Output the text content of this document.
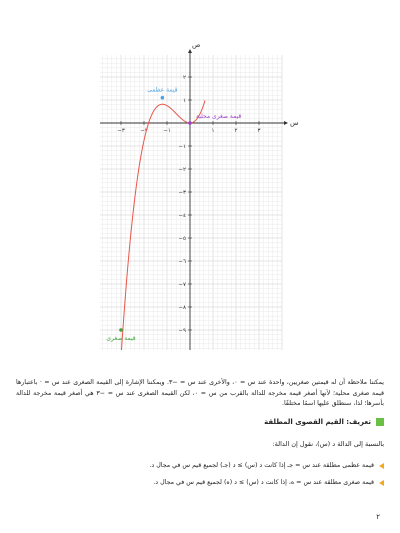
س
ص
−٣	−٢	−١	١	٢	٣
٢
١
−١
−٢
−٣
−٤
−٥
−٦
−٧
−٨
−٩
قيمة عظمى
قيمة صغرى محلية
قيمة صغرى

يمكننا ملاحظة أن له قيمتين صغريين، واحدة عند س = ٠، والأخرى عند س = −٣. ويمكننا الإشارة إلى القيمة الصغرى عند س = · باعتبارها قيمة صغرى محلية؛ لأنها أصغر قيمة مخرجة للدالة بالقرب من س = ٠، لكن القيمة الصغرى عند س = −٣ هي أصغر قيمة مخرجة للدالة بأسرها؛ لذا، سنطلق عليها اسمًا مختلفًا.

تعريف: القيم القصوى المطلقة
بالنسبة إلى الدالة د (س)، نقول إن الدالة:
قيمة عظمى مطلقة عند س = جـ إذا كانت د (س) ≥ د (جـ) لجميع قيم س في مجال د.
قيمة صغرى مطلقة عند س = ه، إذا كانت د (س) ≥ د (ه) لجميع قيم س في مجال د.
٢
